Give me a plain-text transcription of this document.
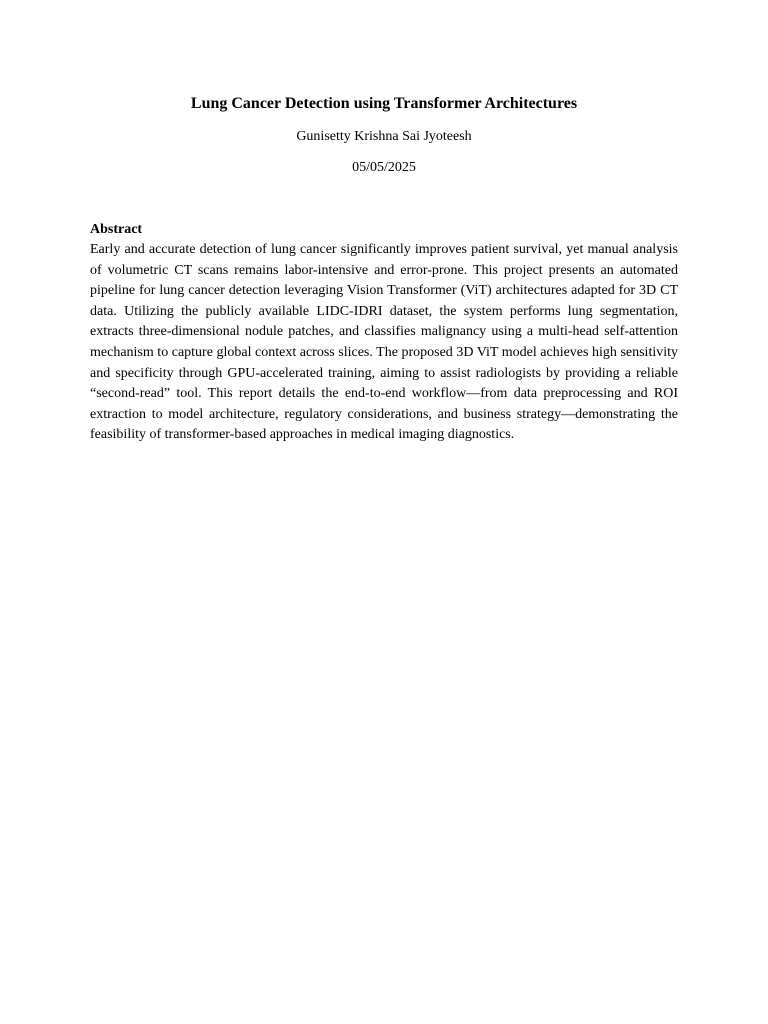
Lung Cancer Detection using Transformer Architectures

Gunisetty Krishna Sai Jyoteesh

05/05/2025

Abstract

Early and accurate detection of lung cancer significantly improves patient survival, yet manual analysis of volumetric CT scans remains labor-intensive and error-prone. This project presents an automated pipeline for lung cancer detection leveraging Vision Transformer (ViT) architectures adapted for 3D CT data. Utilizing the publicly available LIDC-IDRI dataset, the system performs lung segmentation, extracts three-dimensional nodule patches, and classifies malignancy using a multi-head self-attention mechanism to capture global context across slices. The proposed 3D ViT model achieves high sensitivity and specificity through GPU-accelerated training, aiming to assist radiologists by providing a reliable “second-read” tool. This report details the end-to-end workflow—from data preprocessing and ROI extraction to model architecture, regulatory considerations, and business strategy—demonstrating the feasibility of transformer-based approaches in medical imaging diagnostics.
